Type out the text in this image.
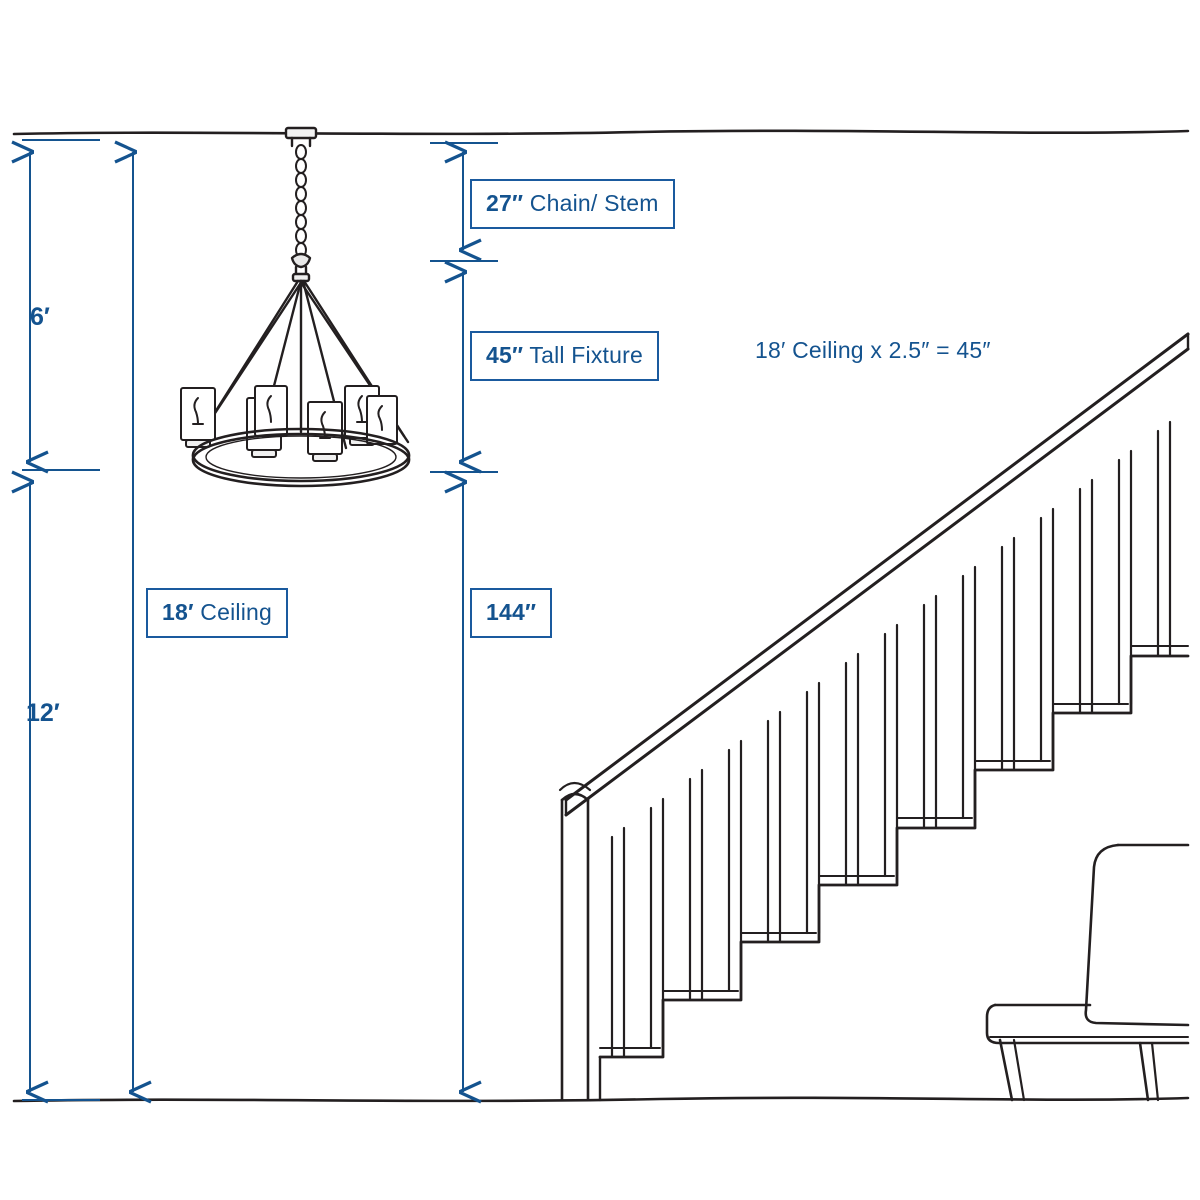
6′
12′
27″ Chain/ Stem
45″ Tall Fixture	18′ Ceiling x 2.5″ = 45″
18′ Ceiling	144″
